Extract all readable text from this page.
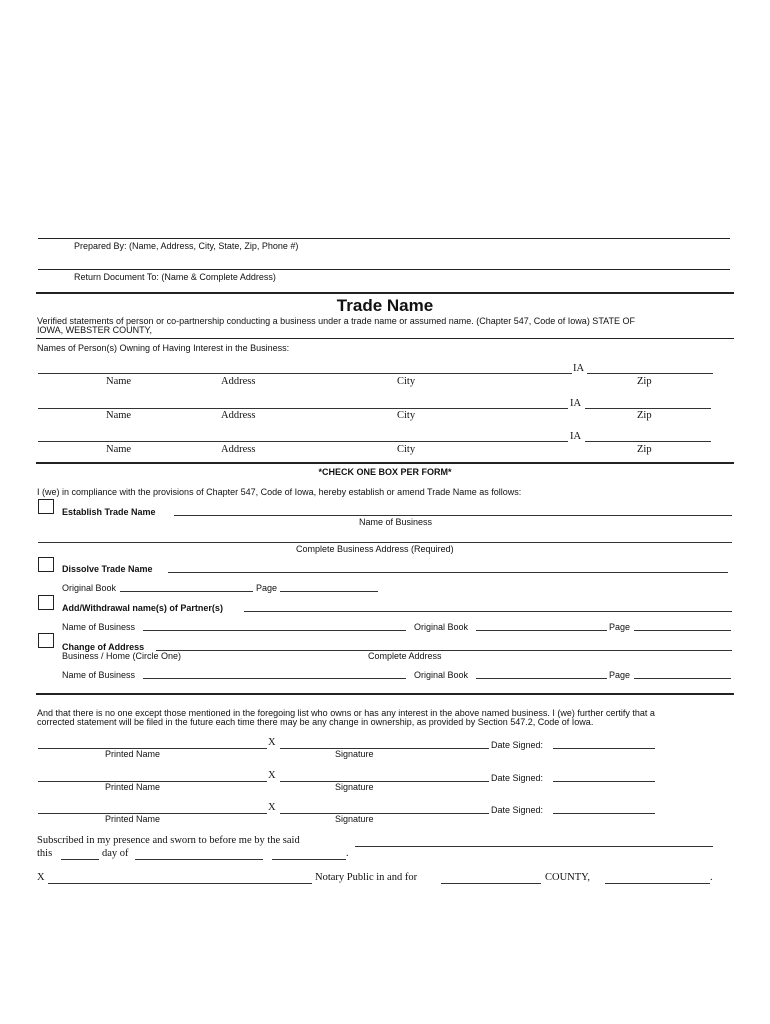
Prepared By: (Name, Address, City, State, Zip, Phone #)
Return Document To: (Name & Complete Address)
Trade Name
Verified statements of person or co-partnership conducting a business under a trade name or assumed name. (Chapter 547, Code of Iowa) STATE OF
IOWA, WEBSTER COUNTY,
Names of Person(s) Owning of Having Interest in the Business:
IA
Name	Address	City	Zip
IA
Name	Address	City	Zip
IA
Name	Address	City	Zip
*CHECK ONE BOX PER FORM*
I (we) in compliance with the provisions of Chapter 547, Code of Iowa, hereby establish or amend Trade Name as follows:
Establish Trade Name
Name of Business
Complete Business Address (Required)
Dissolve Trade Name
Original Book	Page
Add/Withdrawal name(s) of Partner(s)
Name of Business	Original Book	Page
Change of Address
Business / Home (Circle One)	Complete Address
Name of Business	Original Book	Page
And that there is no one except those mentioned in the foregoing list who owns or has any interest in the above named business. I (we) further certify that a
corrected statement will be filed in the future each time there may be any change in ownership, as provided by Section 547.2, Code of Iowa.
X	Date Signed:
Printed Name	Signature
X	Date Signed:
Printed Name	Signature
X	Date Signed:
Printed Name	Signature
Subscribed in my presence and sworn to before me by the said
this	day of	.
X	Notary Public in and for	COUNTY,	.
